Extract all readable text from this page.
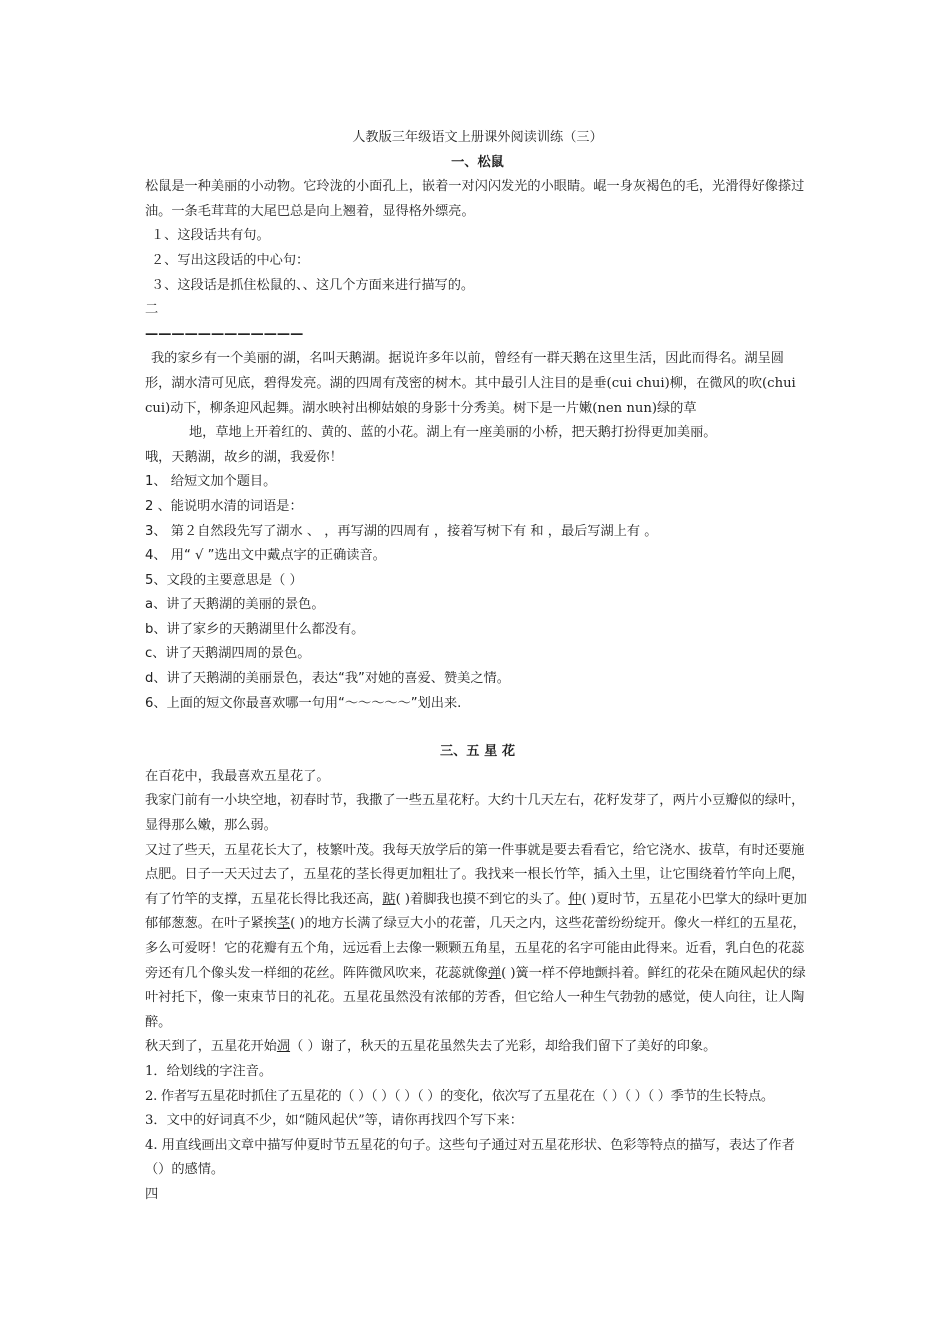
人教版三年级语文上册课外阅读训练（三）

一、松鼠

松鼠是一种美丽的小动物。它玲泷的小面孔上，嵌着一对闪闪发光的小眼睛。崐一身灰褐色的毛，光滑得好像搽过油。一条毛茸茸的大尾巴总是向上翘着，显得格外缥亮。

１、这段话共有句。

２、写出这段话的中心句：

３、这段话是抓住松鼠的、、这几个方面来进行描写的。

二

————————————

我的家乡有一个美丽的湖，名叫天鹅湖。据说许多年以前，曾经有一群天鹅在这里生活，因此而得名。湖呈圆形，湖水清可见底，碧得发亮。湖的四周有茂密的树木。其中最引人注目的是垂(cui chui)柳，在微风的吹(chui cui)动下，柳条迎风起舞。湖水映衬出柳姑娘的身影十分秀美。树下是一片嫩(nen nun)绿的草

地，草地上开着红的、黄的、蓝的小花。湖上有一座美丽的小桥，把天鹅打扮得更加美丽。

哦，天鹅湖，故乡的湖，我爱你！

1、 给短文加个题目。

2 、能说明水清的词语是：

3、 第２自然段先写了湖水 、 ，再写湖的四周有 ，接着写树下有 和 ，最后写湖上有 。

4、 用“ √ ”选出文中戴点字的正确读音。

5、文段的主要意思是（ ）

a、讲了天鹅湖的美丽的景色。

b、讲了家乡的天鹅湖里什么都没有。

c、讲了天鹅湖四周的景色。

d、讲了天鹅湖的美丽景色，表达“我”对她的喜爱、赞美之情。

6、上面的短文你最喜欢哪一句用“～～～～～”划出来.

三、五 星 花

在百花中，我最喜欢五星花了。

我家门前有一小块空地，初春时节，我撒了一些五星花籽。大约十几天左右，花籽发芽了，两片小豆瓣似的绿叶，显得那么嫩，那么弱。

又过了些天，五星花长大了，枝繁叶茂。我每天放学后的第一件事就是要去看看它，给它浇水、拔草，有时还要施点肥。日子一天天过去了，五星花的茎长得更加粗壮了。我找来一根长竹竿，插入土里，让它围绕着竹竿向上爬，有了竹竿的支撑，五星花长得比我还高，踮( )着脚我也摸不到它的头了。仲( )夏时节，五星花小巴掌大的绿叶更加郁郁葱葱。在叶子紧挨茎( )的地方长满了绿豆大小的花蕾，几天之内，这些花蕾纷纷绽开。像火一样红的五星花，多么可爱呀！它的花瓣有五个角，远远看上去像一颗颗五角星，五星花的名字可能由此得来。近看，乳白色的花蕊旁还有几个像头发一样细的花丝。阵阵微风吹来，花蕊就像弹( )簧一样不停地颤抖着。鲜红的花朵在随风起伏的绿叶衬托下，像一束束节日的礼花。五星花虽然没有浓郁的芳香，但它给人一种生气勃勃的感觉，使人向往，让人陶醉。

秋天到了，五星花开始凋（ ）谢了，秋天的五星花虽然失去了光彩，却给我们留下了美好的印象。

1．给划线的字注音。

2. 作者写五星花时抓住了五星花的（ ）（ ）（ ）（ ）的变化，依次写了五星花在（ ）（ ）（ ）季节的生长特点。

3．文中的好词真不少，如“随风起伏”等，请你再找四个写下来：

4. 用直线画出文章中描写仲夏时节五星花的句子。这些句子通过对五星花形状、色彩等特点的描写，表达了作者（）的感情。

四
